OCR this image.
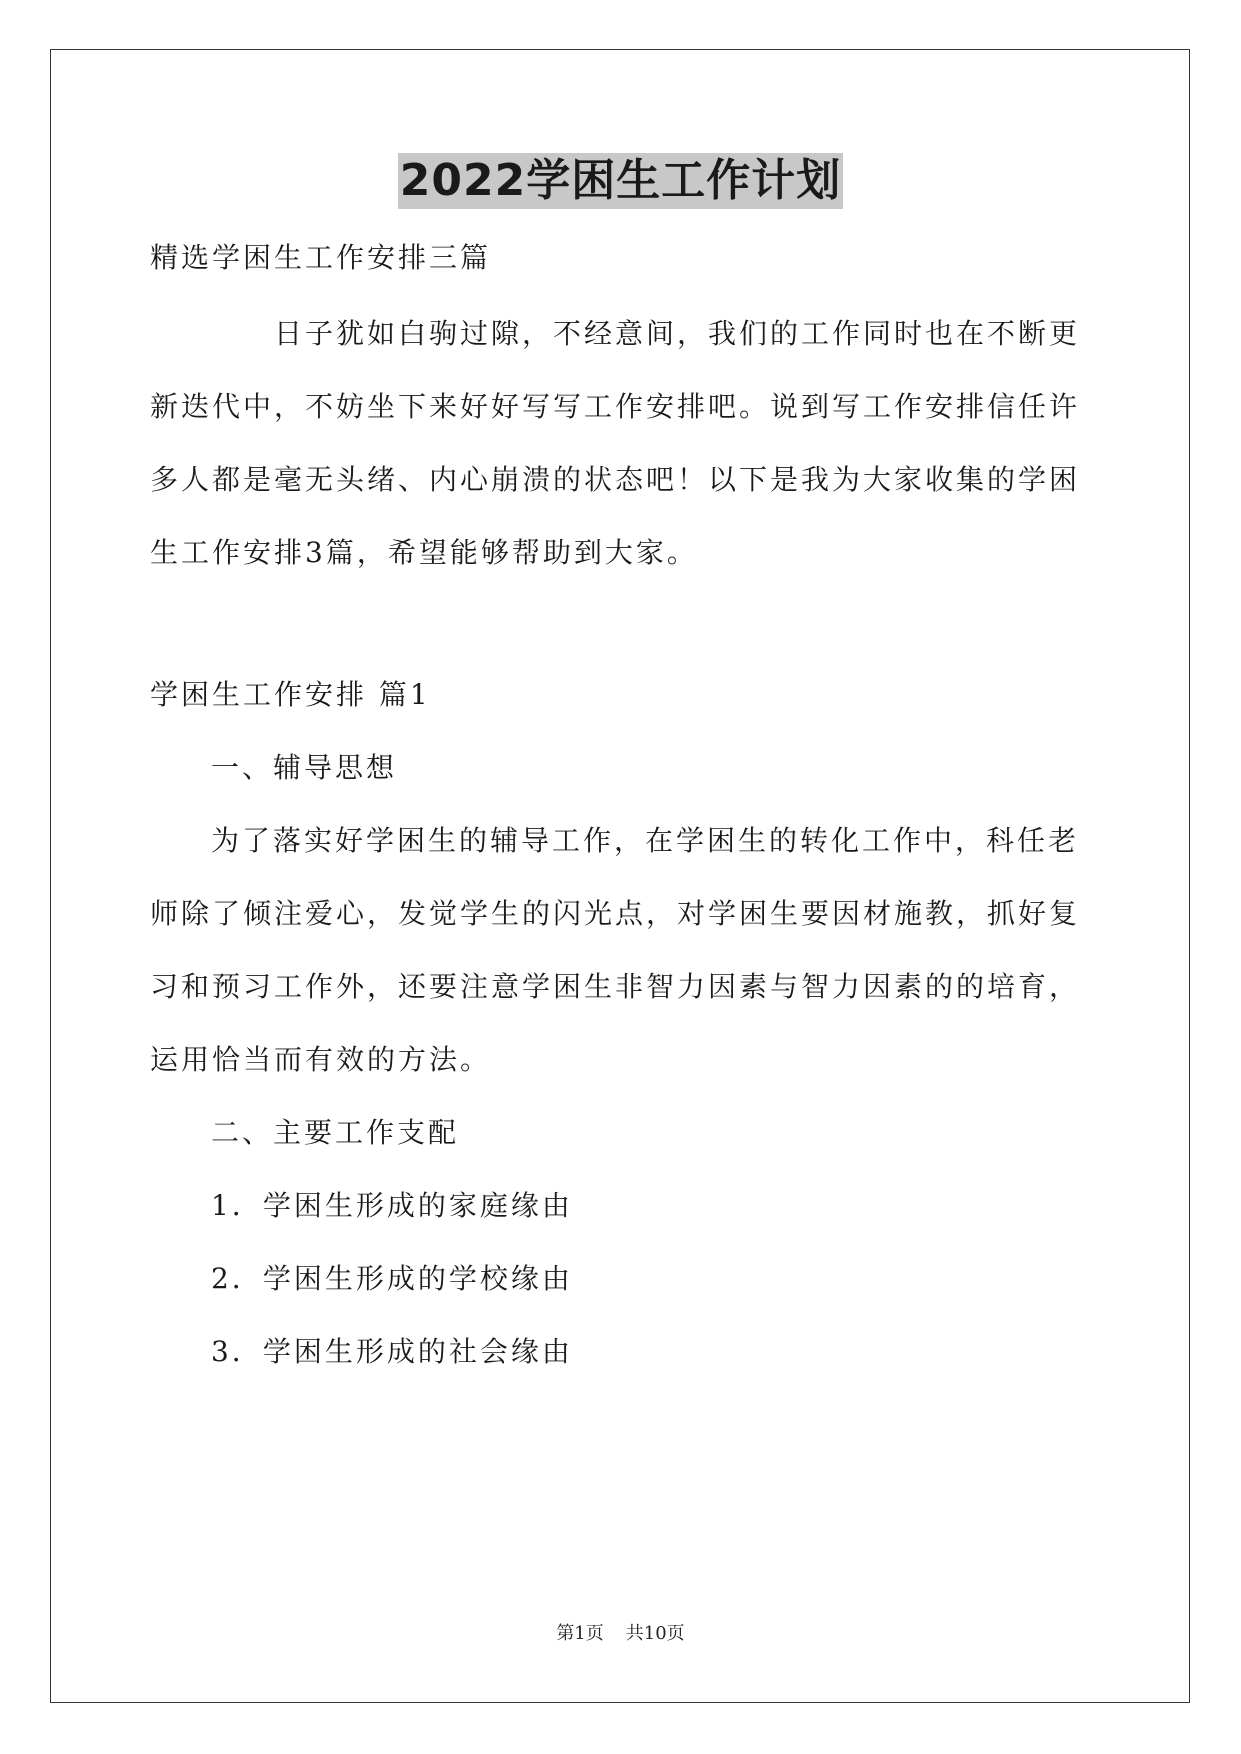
2022学困生工作计划

精选学困生工作安排三篇

日子犹如白驹过隙，不经意间，我们的工作同时也在不断更

新迭代中，不妨坐下来好好写写工作安排吧。说到写工作安排信任许

多人都是毫无头绪、内心崩溃的状态吧！以下是我为大家收集的学困

生工作安排3篇，希望能够帮助到大家。

学困生工作安排 篇1

一、辅导思想

为了落实好学困生的辅导工作，在学困生的转化工作中，科任老

师除了倾注爱心，发觉学生的闪光点，对学困生要因材施教，抓好复

习和预习工作外，还要注意学困生非智力因素与智力因素的的培育，

运用恰当而有效的方法。

二、主要工作支配

1．学困生形成的家庭缘由

2．学困生形成的学校缘由

3．学困生形成的社会缘由

第1页 共10页
